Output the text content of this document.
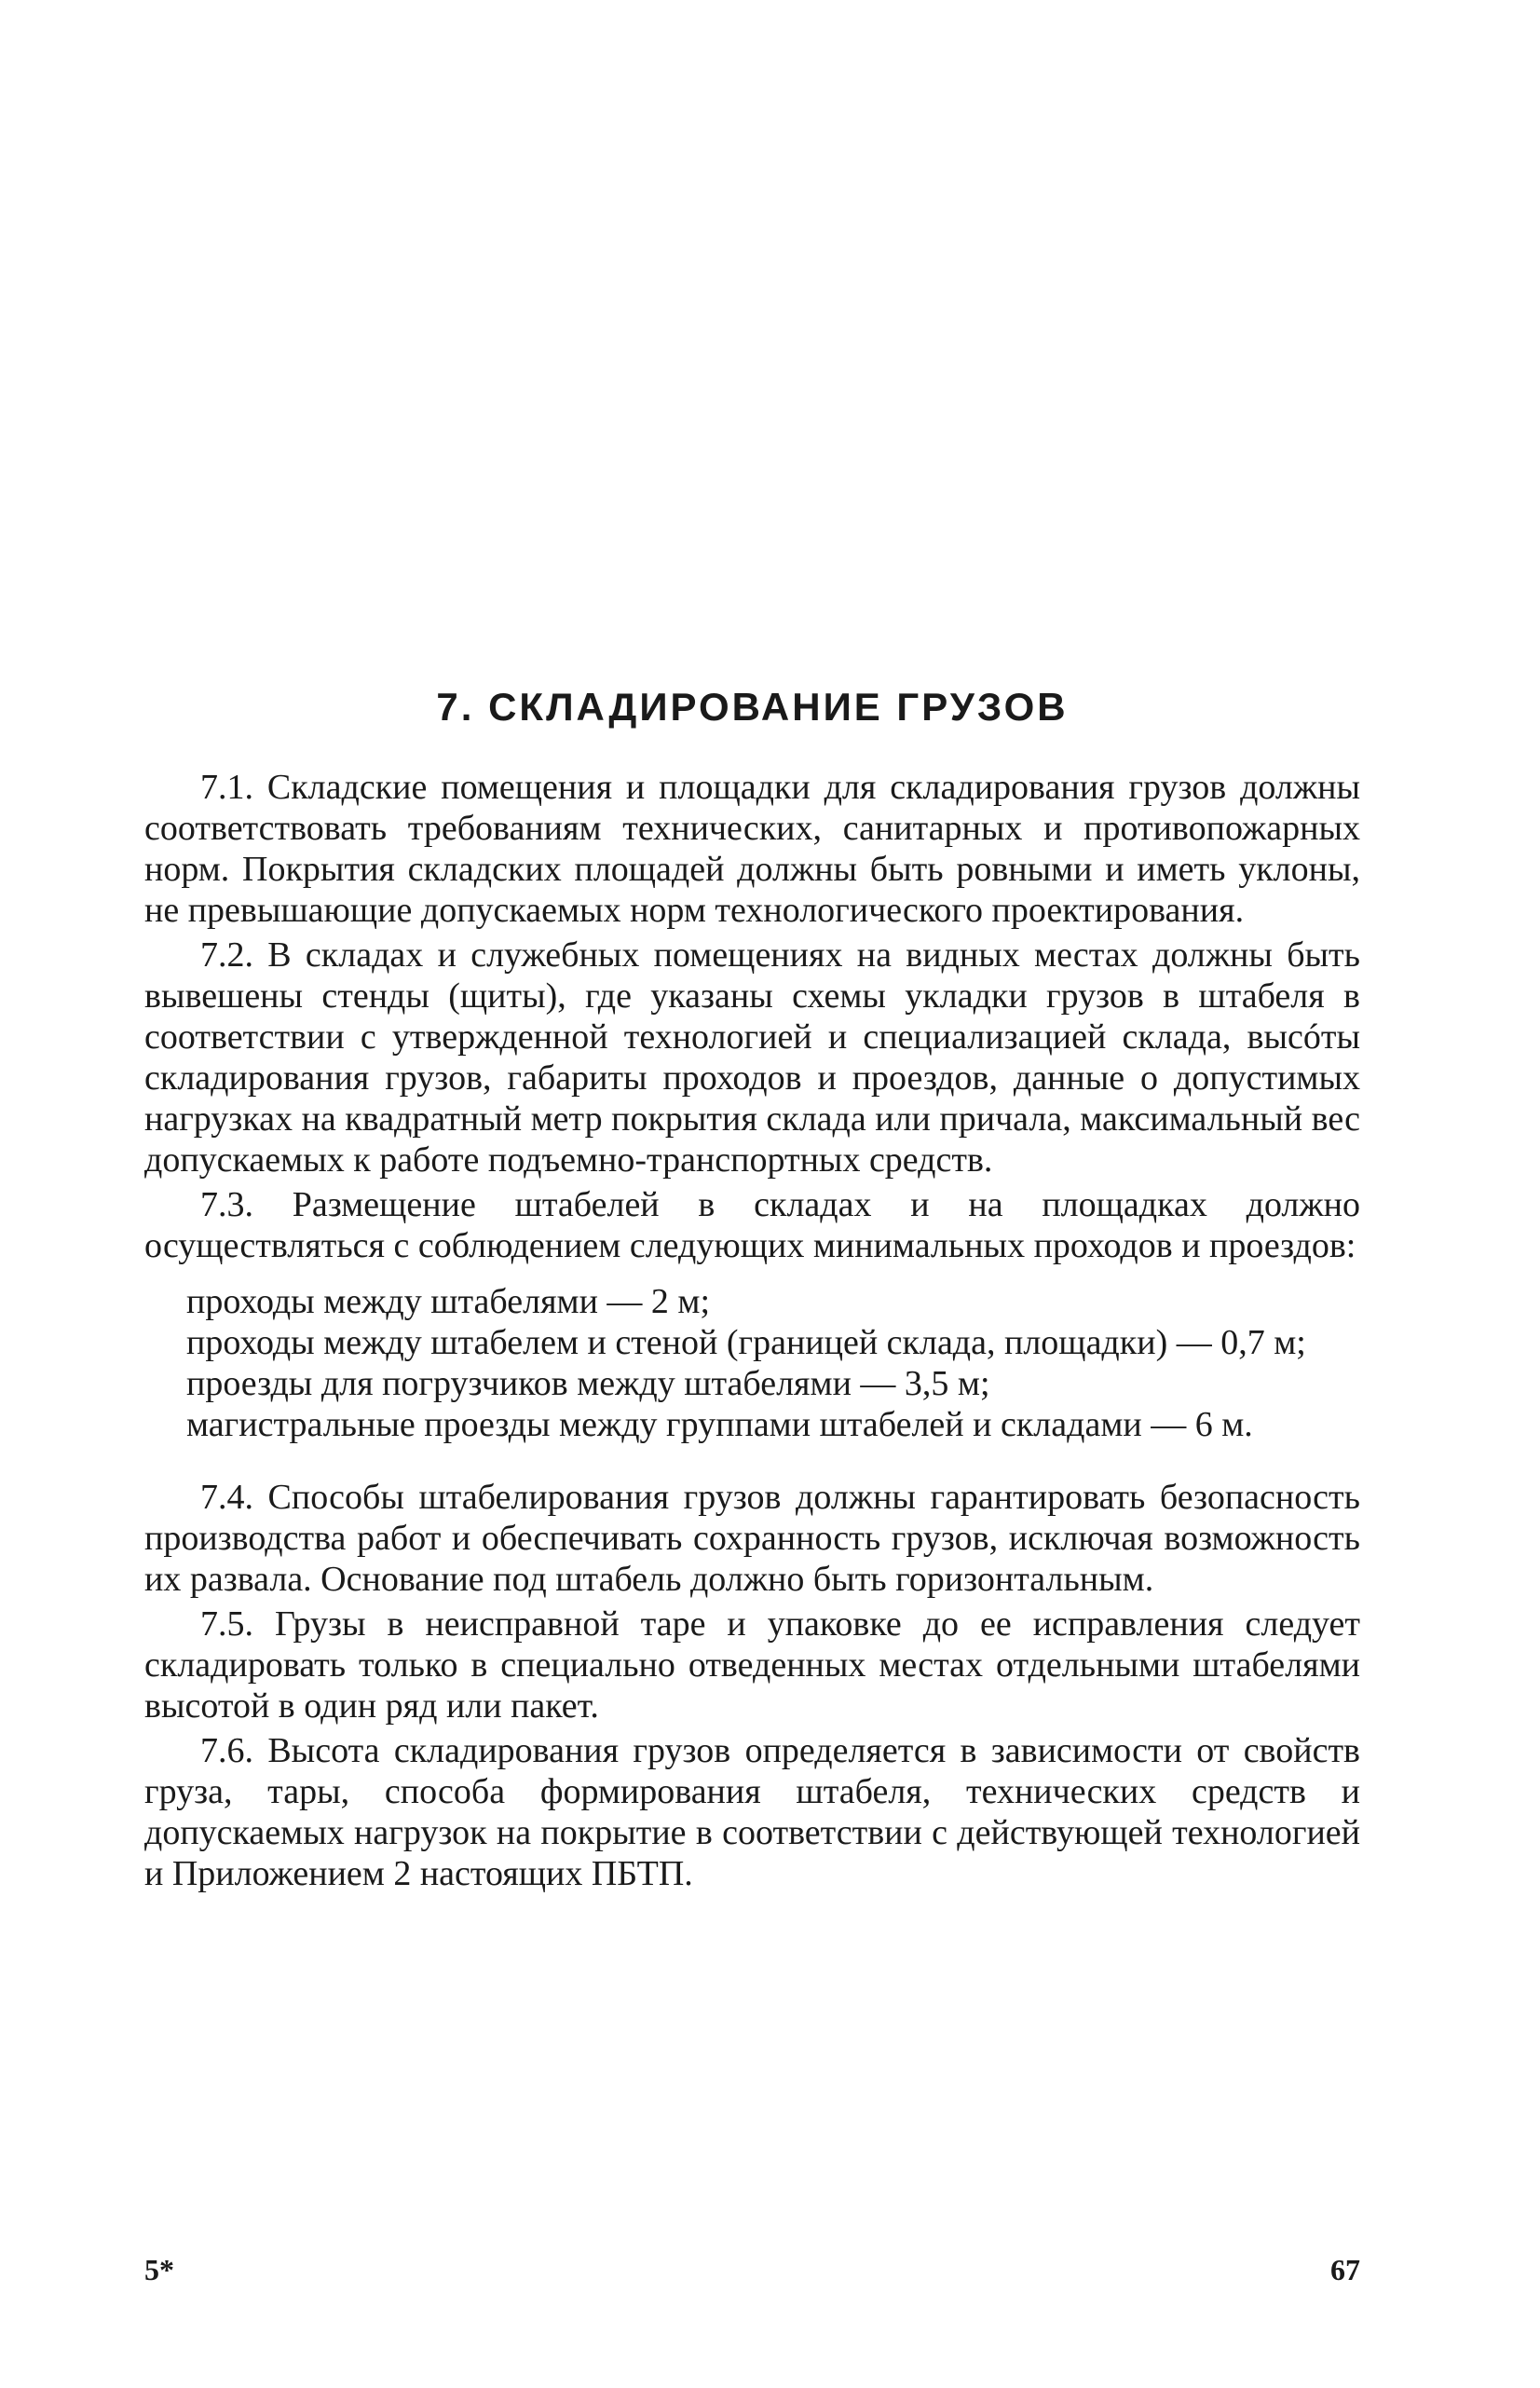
7. СКЛАДИРОВАНИЕ ГРУЗОВ

7.1. Складские помещения и площадки для складирования грузов должны соответствовать требованиям технических, санитарных и противопожарных норм. Покрытия складских площадей должны быть ровными и иметь уклоны, не превышающие допускаемых норм технологического проектирования.

7.2. В складах и служебных помещениях на видных местах должны быть вывешены стенды (щиты), где указаны схемы укладки грузов в штабеля в соответствии с утвержденной технологией и специализацией склада, высóты складирования грузов, габариты проходов и проездов, данные о допустимых нагрузках на квадратный метр покрытия склада или причала, максимальный вес допускаемых к работе подъемно-транспортных средств.

7.3. Размещение штабелей в складах и на площадках должно осуществляться с соблюдением следующих минимальных проходов и проездов:

проходы между штабелями — 2 м;
проходы между штабелем и стеной (границей склада, площадки) — 0,7 м;
проезды для погрузчиков между штабелями — 3,5 м;
магистральные проезды между группами штабелей и складами — 6 м.

7.4. Способы штабелирования грузов должны гарантировать безопасность производства работ и обеспечивать сохранность грузов, исключая возможность их развала. Основание под штабель должно быть горизонтальным.

7.5. Грузы в неисправной таре и упаковке до ее исправления следует складировать только в специально отведенных местах отдельными штабелями высотой в один ряд или пакет.

7.6. Высота складирования грузов определяется в зависимости от свойств груза, тары, способа формирования штабеля, технических средств и допускаемых нагрузок на покрытие в соответствии с действующей технологией и Приложением 2 настоящих ПБТП.

5*	67
